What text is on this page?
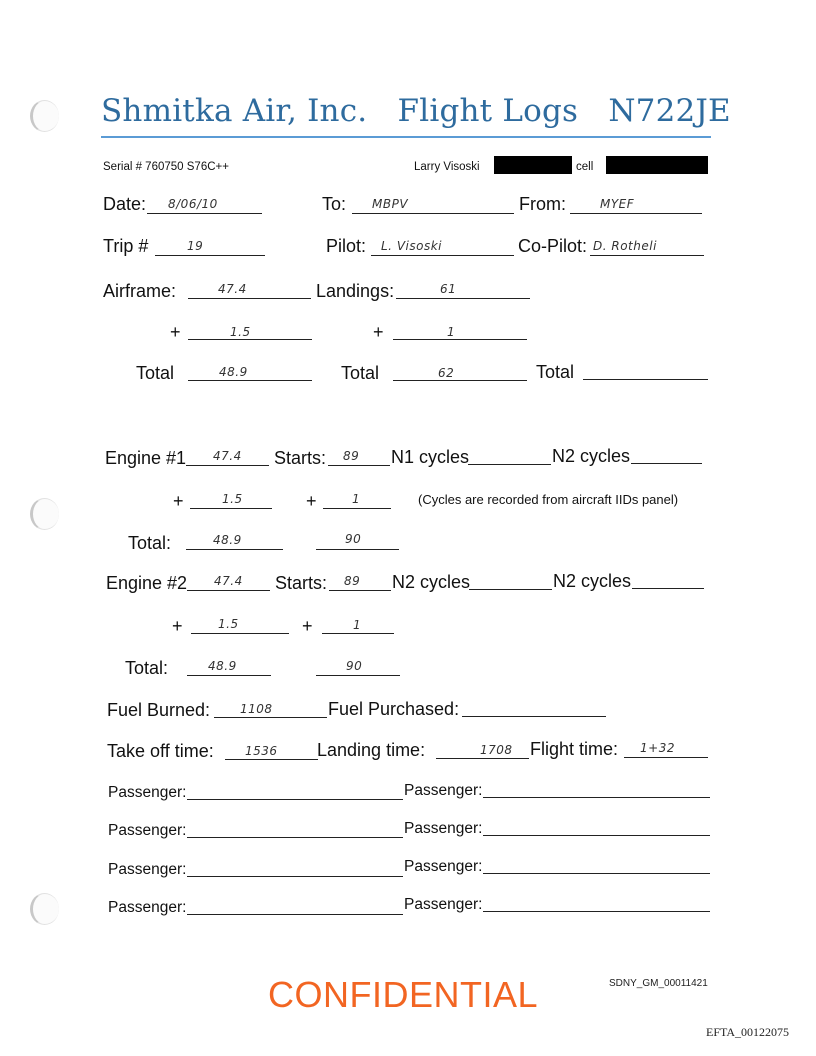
Shmitka Air, Inc.   Flight Logs   N722JE
Serial # 760750 S76C++	Larry Visoski	cell
Date: 8/06/10	To: MBPV	From:	MYEF
Trip #	19	Pilot: L. Visoski	Co-Pilot: D. Rotheli
Airframe:	47.4	Landings:	61
+	1.5	+	1
Total	48.9	Total	62	Total
Engine #1 47.4 Starts: 89 N1 cycles	N2 cycles
+	1.5	+	1	(Cycles are recorded from aircraft IIDs panel)
Total:	48.9	90
Engine #2 47.4 Starts: 89 N2 cycles	N2 cycles
+	1.5	+	1
Total:	48.9	90
Fuel Burned: 1108	Fuel Purchased:
Take off time:	1536 Landing time:	1708 Flight time: 1+32
Passenger:	Passenger:
Passenger:	Passenger:
Passenger:	Passenger:
Passenger:	Passenger:
CONFIDENTIAL	SDNY_GM_00011421
EFTA_00122075
